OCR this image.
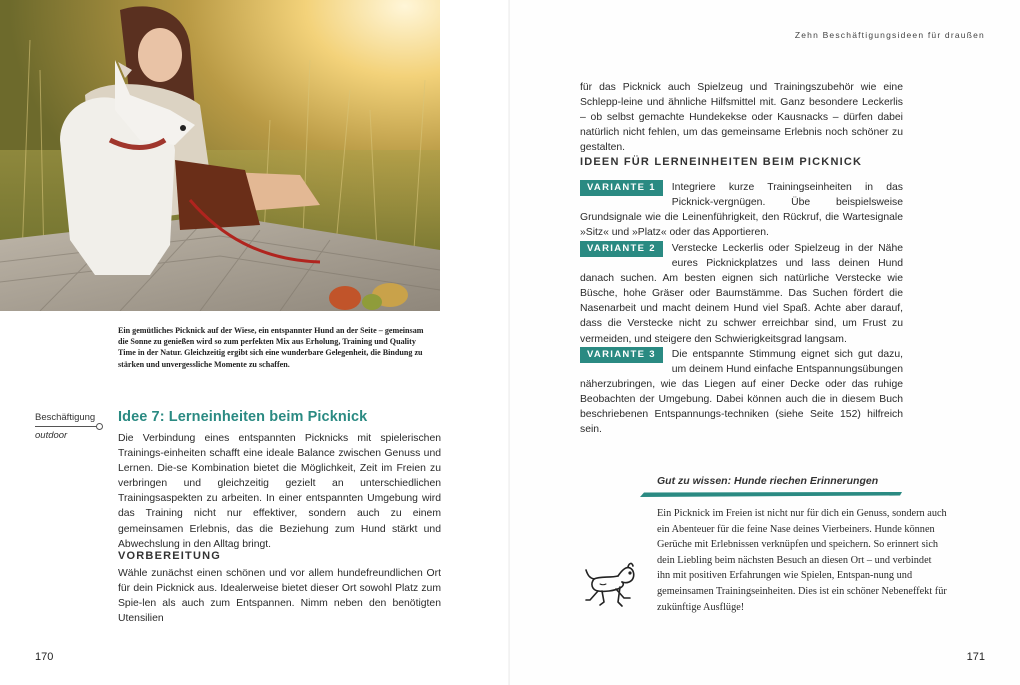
Ein gemütliches Picknick auf der Wiese, ein entspannter Hund an der Seite – gemeinsam die Sonne zu genießen wird so zum perfekten Mix aus Erholung, Training und Quality Time in der Natur. Gleichzeitig ergibt sich eine wunderbare Gelegenheit, die Bindung zu stärken und unvergessliche Momente zu schaffen.
Beschäftigung
outdoor
Idee 7: Lerneinheiten beim Picknick
Die Verbindung eines entspannten Picknicks mit spielerischen Trainings-einheiten schafft eine ideale Balance zwischen Genuss und Lernen. Die-se Kombination bietet die Möglichkeit, Zeit im Freien zu verbringen und gleichzeitig gezielt an unterschiedlichen Trainingsaspekten zu arbeiten. In einer entspannten Umgebung wird das Training nicht nur effektiver, sondern auch zu einem gemeinsamen Erlebnis, das die Beziehung zum Hund stärkt und Abwechslung in den Alltag bringt.
VORBEREITUNG
Wähle zunächst einen schönen und vor allem hundefreundlichen Ort für dein Picknick aus. Idealerweise bietet dieser Ort sowohl Platz zum Spie-len als auch zum Entspannen. Nimm neben den benötigten Utensilien
170
Zehn Beschäftigungsideen für draußen
für das Picknick auch Spielzeug und Trainingszubehör wie eine Schlepp-leine und ähnliche Hilfsmittel mit. Ganz besondere Leckerlis – ob selbst gemachte Hundekekse oder Kausnacks – dürfen dabei natürlich nicht fehlen, um das gemeinsame Erlebnis noch schöner zu gestalten.
IDEEN FÜR LERNEINHEITEN BEIM PICKNICK
VARIANTE 1	Integriere kurze Trainingseinheiten in das Picknick-vergnügen. Übe beispielsweise Grundsignale wie die Leinenführigkeit, den Rückruf, die Wartesignale »Sitz« und »Platz« oder das Apportieren.
VARIANTE 2	Verstecke Leckerlis oder Spielzeug in der Nähe eures Picknickplatzes und lass deinen Hund danach suchen. Am besten eignen sich natürliche Verstecke wie Büsche, hohe Gräser oder Baumstämme. Das Suchen fördert die Nasenarbeit und macht deinem Hund viel Spaß. Achte aber darauf, dass die Verstecke nicht zu schwer erreichbar sind, um Frust zu vermeiden, und steigere den Schwierigkeitsgrad langsam.
VARIANTE 3	Die entspannte Stimmung eignet sich gut dazu, um deinem Hund einfache Entspannungsübungen näherzubringen, wie das Liegen auf einer Decke oder das ruhige Beobachten der Umgebung. Dabei können auch die in diesem Buch beschriebenen Entspannungs-techniken (siehe Seite 152) hilfreich sein.
Gut zu wissen: Hunde riechen Erinnerungen
Ein Picknick im Freien ist nicht nur für dich ein Genuss, sondern auch ein Abenteuer für die feine Nase deines Vierbeiners. Hunde können Gerüche mit Erlebnissen verknüpfen und speichern. So erinnert sich dein Liebling beim nächsten Besuch an diesen Ort – und verbindet ihn mit positiven Erfahrungen wie Spielen, Entspan-nung und gemeinsamen Trainingseinheiten. Dies ist ein schöner Nebeneffekt für zukünftige Ausflüge!
171
